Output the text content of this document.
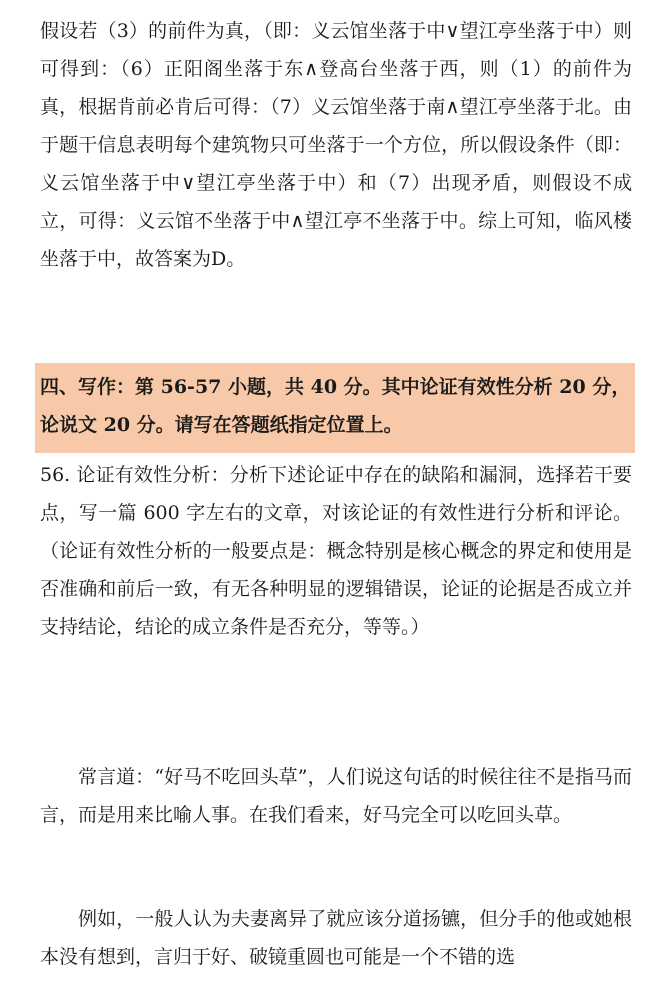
假设若（3）的前件为真，（即：义云馆坐落于中∨望江亭坐落于中）则可得到：（6）正阳阁坐落于东∧登高台坐落于西，则（1）的前件为真，根据肯前必肯后可得：（7）义云馆坐落于南∧望江亭坐落于北。由于题干信息表明每个建筑物只可坐落于一个方位，所以假设条件（即：义云馆坐落于中∨望江亭坐落于中）和（7）出现矛盾，则假设不成立，可得：义云馆不坐落于中∧望江亭不坐落于中。综上可知，临风楼坐落于中，故答案为D。

四、写作：第 56-57 小题，共 40 分。其中论证有效性分析 20 分，论说文 20 分。请写在答题纸指定位置上。

56. 论证有效性分析：分析下述论证中存在的缺陷和漏洞，选择若干要点，写一篇 600 字左右的文章，对该论证的有效性进行分析和评论。（论证有效性分析的一般要点是：概念特别是核心概念的界定和使用是否准确和前后一致，有无各种明显的逻辑错误，论证的论据是否成立并支持结论，结论的成立条件是否充分，等等。）

常言道：“好马不吃回头草”，人们说这句话的时候往往不是指马而言，而是用来比喻人事。在我们看来，好马完全可以吃回头草。

例如，一般人认为夫妻离异了就应该分道扬镳，但分手的他或她根本没有想到，言归于好、破镜重圆也可能是一个不错的选
